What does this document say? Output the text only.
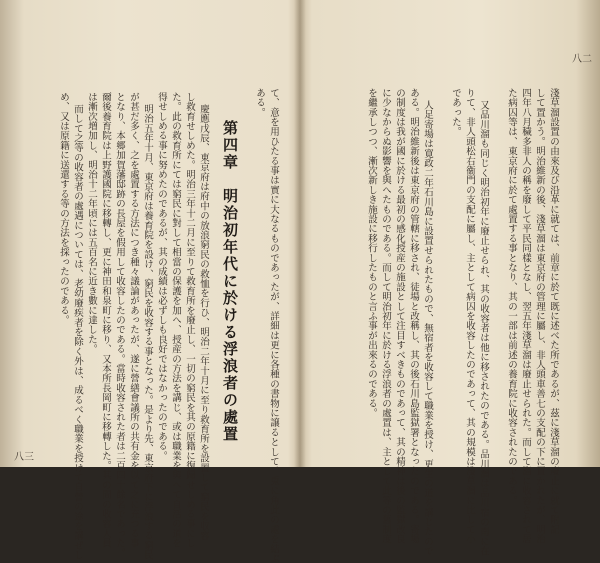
八三	て、意を用ひたる事は實に大なるものであったが、詳細は更に各種の書物に譲るとして、兎に角此の處を結ぶ
ある。
第四章　明治初年代に於ける浮浪者の處置
慶應戊辰、東京府は府中の放浪窮民の救恤を行ひ、明治二年十月に至り救育所を設置して窮民を収容
し救育せしめた。明治三年十二月に至りて救育所を廢止し、一切の窮民を其の原籍に復歸せしめる事にし
た。此の救育所にては窮民に對して相當の保護を加へ、授産の方法を講じ、或は職業を與へて自活の道を
得せしめる事に努めたのであるが、其の成績は必ずしも良好ではなかったのである。
明治五年十月、東京府は養育院を設け、窮民を收容する事となった。是より先、東京府下に浮浪する窮民
が甚だ多く、之を處置する方法につき種々議論があったが、遂に營繕會議所の共有金を以て之に充つる事
となり、本郷加賀藩邸跡の長屋を假用して收容したのである。當時收容された者は二百四十餘名であった。
爾後養育院は上野護國院に移轉し、更に神田和泉町に移り、又本所長岡町に移轉した。其の間の收容人員
は漸次増加し、明治十二年頃には五百名に近き數に達した。
而して之等の收容者の處遇については、老幼廢疾者を除く外は、成るべく職業を授けて自營の途を講ぜし
め、又は原籍に送還する等の方法を採ったのである。
八二
淺草溜設置の由來及び沿革に就ては、前章に於て既に述べた所であるが、茲に淺草溜の廢止に就て附記
して置かう。明治維新の後、淺草溜は東京府の管理に屬し、非人頭車善七の支配の下に置かれたが、明治
四年八月穢多非人の稱を廢して平民同樣となし、翌五年淺草溜は廢止せられた。而して溜に收容されて居
た病囚等は、東京府に於て處置する事となり、其の一部は前述の養育院に收容されたのである。
又品川溜も同じく明治初年に廢止せられ、其の收容者は他に移されたのである。品川溜は品川宿の南に在
りて、非人頭松右衞門の支配に屬し、主として病囚を收容したのであって、其の規模は淺草溜に比して小
であった。
人足寄場は寛政二年石川島に設置せられたもので、無宿者を收容して職業を授け、更生の道を講じたので
ある。明治維新後は東京府の管轄に移され、徒場と改稱し、其の後石川島監獄署となったのである。寄場
の制度は我が國に於ける最初の感化授産の施設として注目すべきものであって、其の精神は後の監獄改良
に少なからぬ影響を與へたものである。而して明治初年に於ける浮浪者の處置は、主として此等の舊制度
を繼承しつつ、漸次新しき施設に移行したものと言ふ事が出來るのである。
